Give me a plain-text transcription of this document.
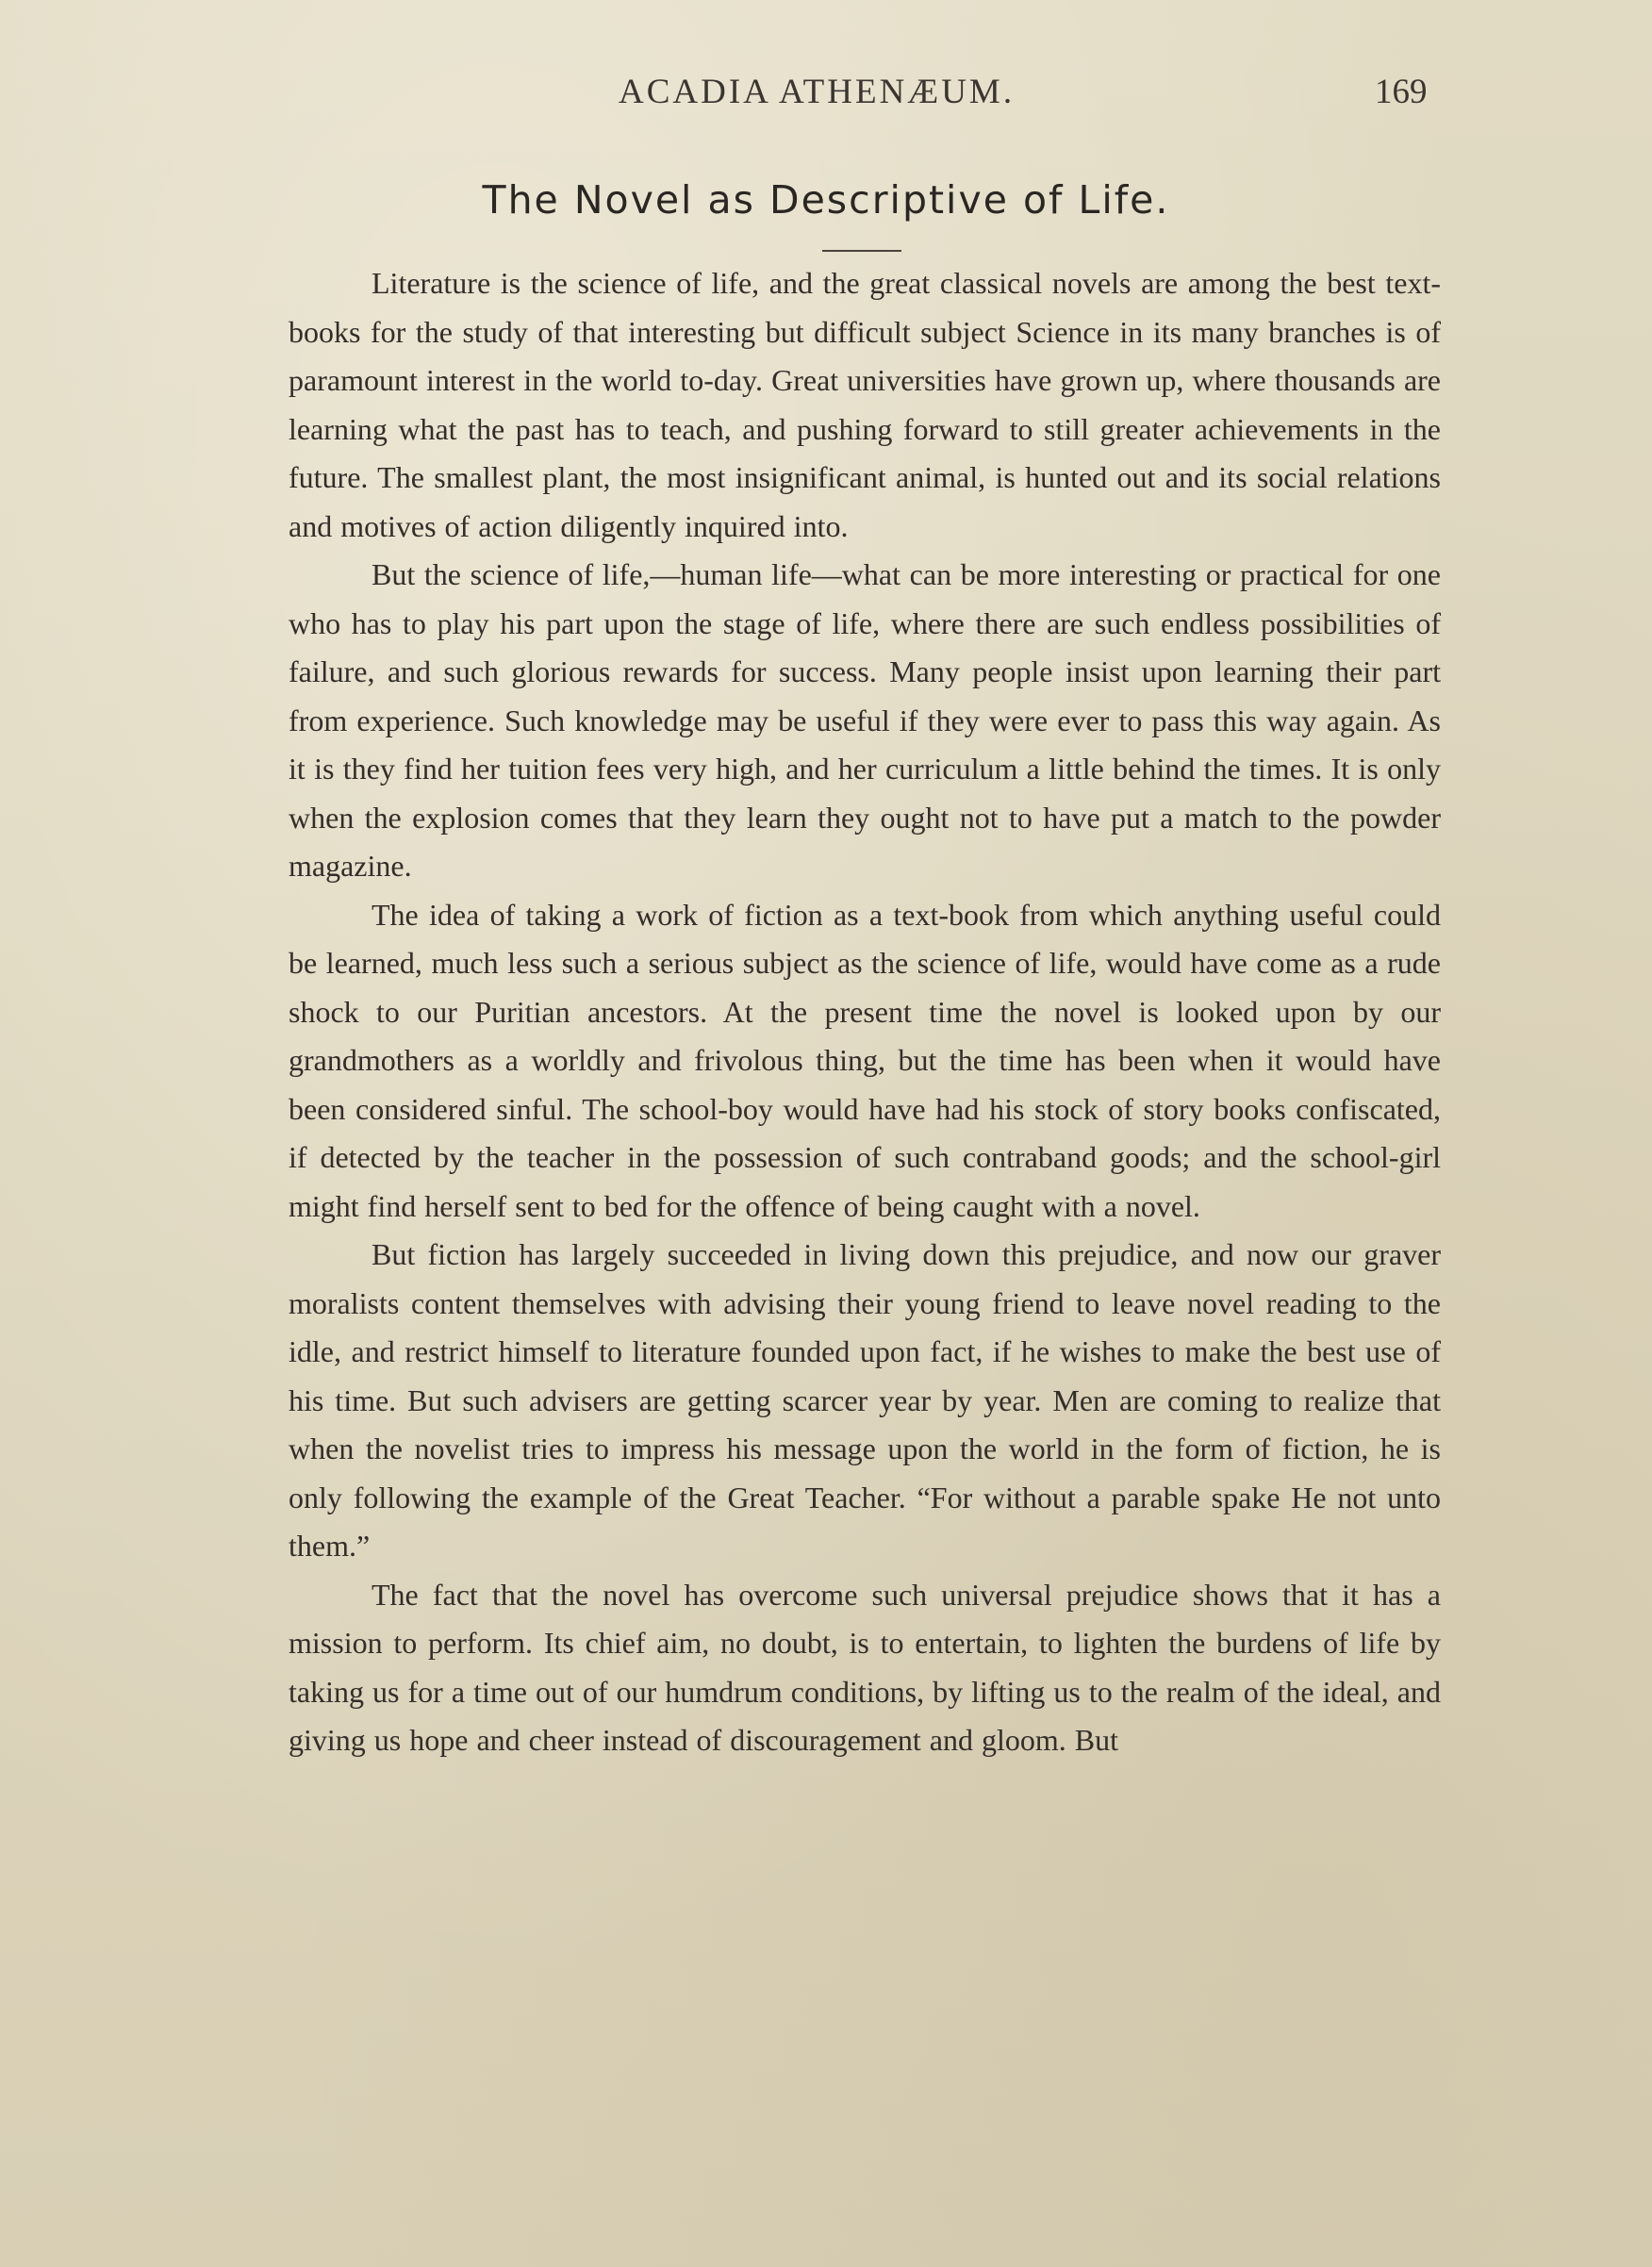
ACADIA ATHENÆUM.	169
The Novel as Descriptive of Life.

Literature is the science of life, and the great classical novels are among the best text-books for the study of that interesting but difficult subject Science in its many branches is of paramount interest in the world to-day. Great universities have grown up, where thousands are learning what the past has to teach, and pushing forward to still greater achievements in the future. The smallest plant, the most insignificant animal, is hunted out and its social relations and motives of action diligently inquired into.

But the science of life,—human life—what can be more interesting or practical for one who has to play his part upon the stage of life, where there are such endless possibilities of failure, and such glorious rewards for success. Many people insist upon learning their part from experience. Such knowledge may be useful if they were ever to pass this way again. As it is they find her tuition fees very high, and her curriculum a little behind the times. It is only when the explosion comes that they learn they ought not to have put a match to the powder magazine.

The idea of taking a work of fiction as a text-book from which anything useful could be learned, much less such a serious subject as the science of life, would have come as a rude shock to our Puritian ancestors. At the present time the novel is looked upon by our grandmothers as a worldly and frivolous thing, but the time has been when it would have been considered sinful. The school-boy would have had his stock of story books confiscated, if detected by the teacher in the possession of such contraband goods; and the school-girl might find herself sent to bed for the offence of being caught with a novel.

But fiction has largely succeeded in living down this prejudice, and now our graver moralists content themselves with advising their young friend to leave novel reading to the idle, and restrict himself to literature founded upon fact, if he wishes to make the best use of his time. But such advisers are getting scarcer year by year. Men are coming to realize that when the novelist tries to impress his message upon the world in the form of fiction, he is only following the example of the Great Teacher. “For without a parable spake He not unto them.”

The fact that the novel has overcome such universal prejudice shows that it has a mission to perform. Its chief aim, no doubt, is to entertain, to lighten the burdens of life by taking us for a time out of our humdrum conditions, by lifting us to the realm of the ideal, and giving us hope and cheer instead of discouragement and gloom. But
